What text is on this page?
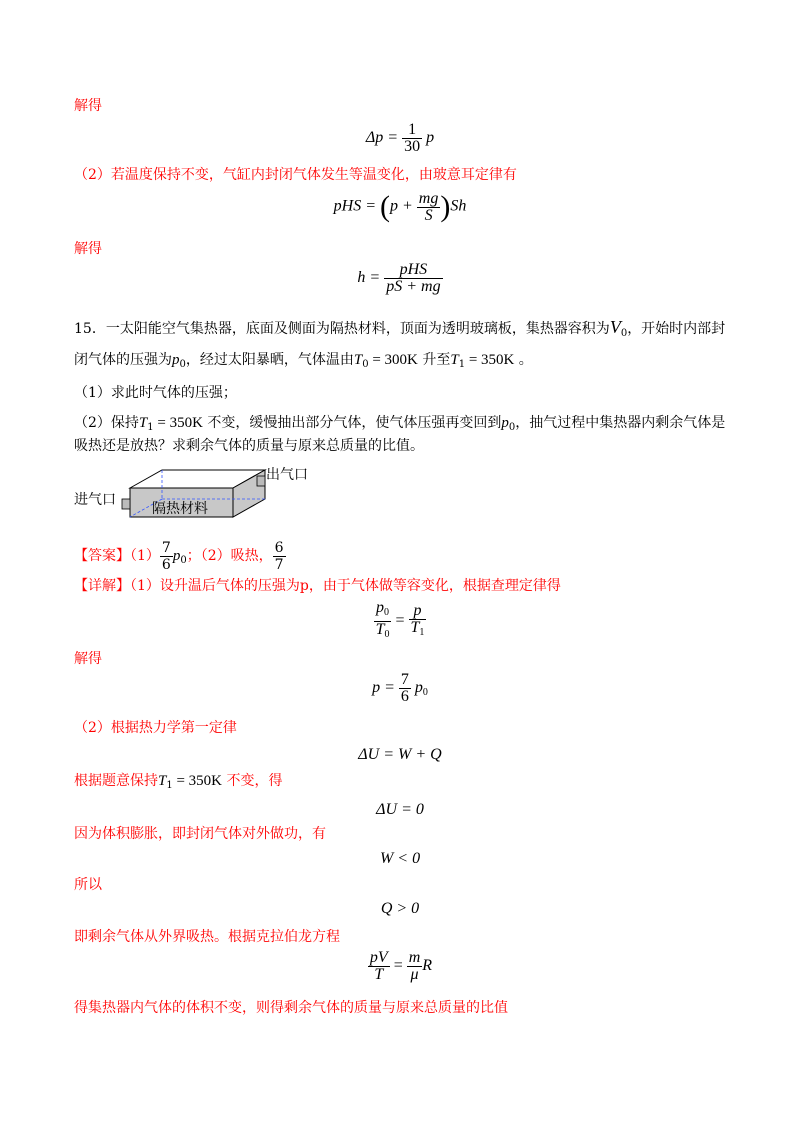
解得
$\Delta p = \frac{1}{30}$ p
（2）若温度保持不变，气缸内封闭气体发生等温变化，由玻意耳定律有
pHS = $(p + \frac{mg}{S} )Sh$
解得
$h = \frac{\text{pHS}}{pS + mg}$
15．一太阳能空气集热器，底面及侧面为隔热材料，顶面为透明玻璃板，集热器容积为$V_0$，开始时内部封
闭气体的压强为$p_0$，经过太阳暴晒，气体温由$T_0 = 300K$ 升至$T_1 = 350K$ 。
（1）求此时气体的压强；
（2）保持$T_1 = 350K$ 不变，缓慢抽出部分气体，使气体压强再变回到$p_0$，抽气过程中集热器内剩余气体是
吸热还是放热？求剩余气体的质量与原来总质量的比值。
进气口
出气口
隔热材料
【答案】$(1) \frac{7}{6} p_0$；（2）吸热， $\frac{6}{7}$
【详解】（1）设升温后气体的压强为p，由于气体做等容变化，根据查理定律得
$\frac{p_0}{T_0} = \frac{p}{T_1}$
解得
$p = \frac{7}{6} p_0$
（2）根据热力学第一定律
ΔU = W + Q
根据题意保持$T_1 = 350K$ 不变，得
ΔU = 0
因为体积膨胀，即封闭气体对外做功，有
W < 0
所以
Q > 0
即剩余气体从外界吸热。根据克拉伯龙方程
$\frac{pV}{T} = \frac{m}{\mu}$ R
得集热器内气体的体积不变，则得剩余气体的质量与原来总质量的比值
